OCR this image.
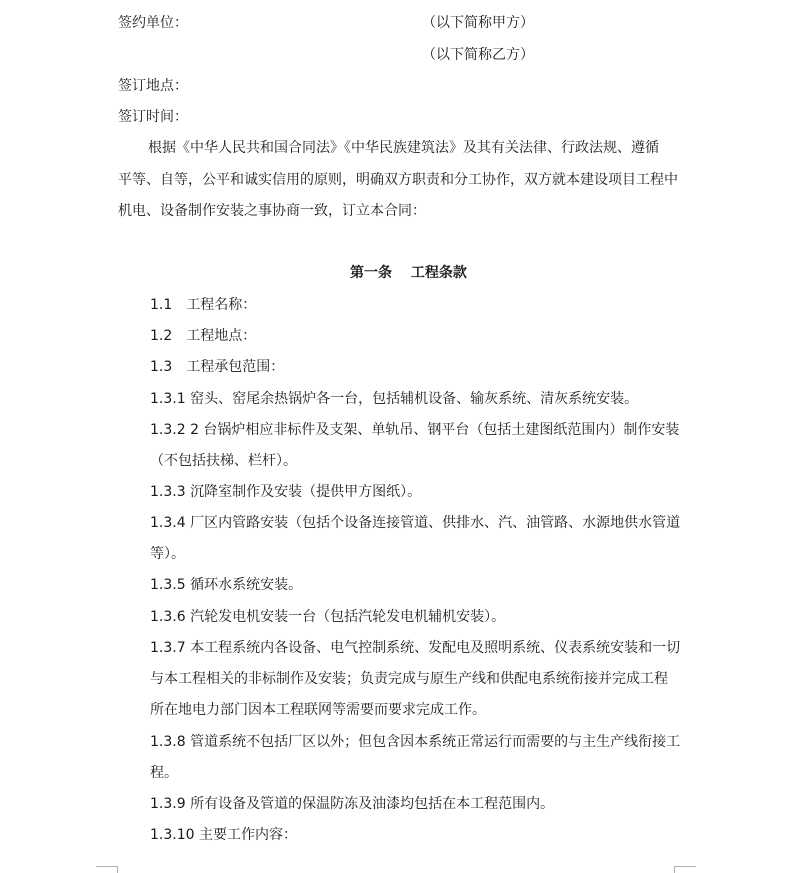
签约单位：	（以下简称甲方）
（以下简称乙方）
签订地点：
签订时间：
根据《中华人民共和国合同法》《中华民族建筑法》及其有关法律、行政法规、遵循
平等、自等，公平和诚实信用的原则，明确双方职责和分工协作，双方就本建设项目工程中
机电、设备制作安装之事协商一致，订立本合同：
第一条　 工程条款
1.1　工程名称：
1.2　工程地点：
1.3　工程承包范围：
1.3.1 窑头、窑尾余热锅炉各一台，包括辅机设备、输灰系统、清灰系统安装。
1.3.2 2 台锅炉相应非标件及支架、单轨吊、钢平台（包括土建图纸范围内）制作安装
（不包括扶梯、栏杆）。
1.3.3 沉降室制作及安装（提供甲方图纸）。
1.3.4 厂区内管路安装（包括个设备连接管道、供排水、汽、油管路、水源地供水管道
等）。
1.3.5 循环水系统安装。
1.3.6 汽轮发电机安装一台（包括汽轮发电机辅机安装）。
1.3.7 本工程系统内各设备、电气控制系统、发配电及照明系统、仪表系统安装和一切
与本工程相关的非标制作及安装；负责完成与原生产线和供配电系统衔接并完成工程
所在地电力部门因本工程联网等需要而要求完成工作。
1.3.8 管道系统不包括厂区以外；但包含因本系统正常运行而需要的与主生产线衔接工
程。
1.3.9 所有设备及管道的保温防冻及油漆均包括在本工程范围内。
1.3.10 主要工作内容：
